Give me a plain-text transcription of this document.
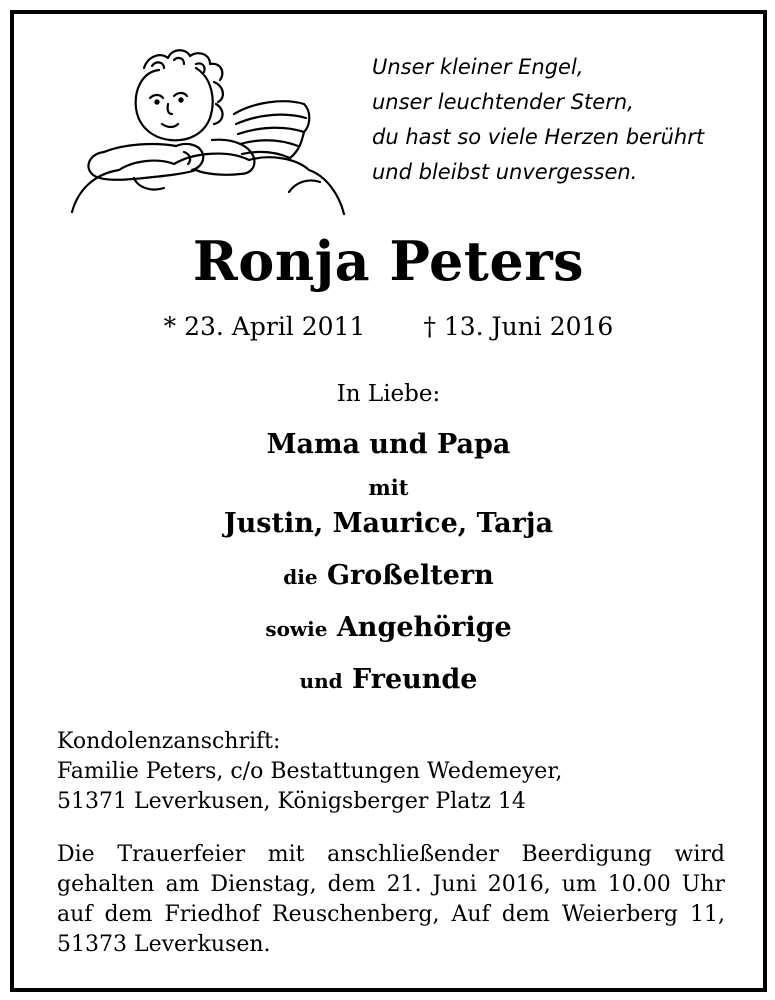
Unser kleiner Engel,
unser leuchtender Stern,
du hast so viele Herzen berührt
und bleibst unvergessen.
Ronja Peters
* 23. April 2011 † 13. Juni 2016
In Liebe:
Mama und Papa
mit
Justin, Maurice, Tarja
die Großeltern
sowie Angehörige
und Freunde
Kondolenzanschrift:
Familie Peters, c/o Bestattungen Wedemeyer,
51371 Leverkusen, Königsberger Platz 14
Die Trauerfeier mit anschließender Beerdigung wird gehalten am Dienstag, dem 21. Juni 2016, um 10.00 Uhr auf dem Friedhof Reuschenberg, Auf dem Weierberg 11, 51373 Leverkusen.
